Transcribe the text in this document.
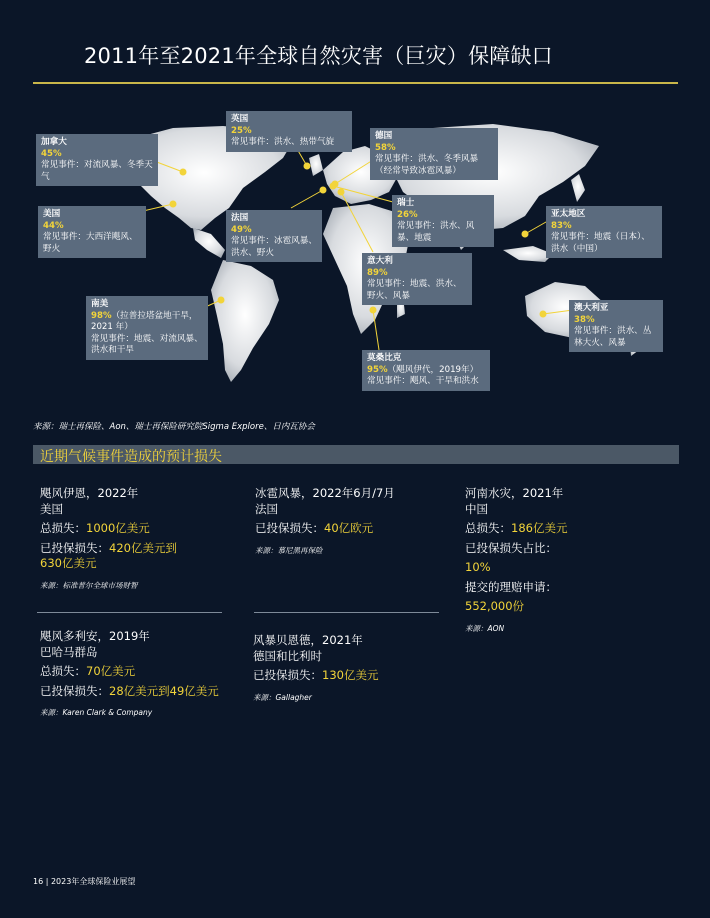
2011年至2021年全球自然灾害（巨灾）保障缺口
加拿大
45%
常见事件：对流风暴、冬季天气
英国
25%
常见事件：洪水、热带气旋
德国
58%
常见事件：洪水、冬季风暴（经常导致冰雹风暴）
美国
44%
常见事件：大西洋飓风、野火
法国
49%
常见事件：冰雹风暴、洪水、野火
瑞士
26%
常见事件：洪水、风暴、地震
亚太地区
83%
常见事件：地震（日本）、洪水（中国）
意大利
89%
常见事件：地震、洪水、野火、风暴
南美
98%（拉普拉塔盆地干旱，2021 年）
常见事件：地震、对流风暴、洪水和干旱
澳大利亚
38%
常见事件：洪水、丛林大火、风暴
莫桑比克
95%（飓风伊代，2019年）
常见事件：飓风、干旱和洪水
来源：瑞士再保险、Aon、瑞士再保险研究院Sigma Explore、日内瓦协会
近期气候事件造成的预计损失
飓风伊恩，2022年
美国
总损失：1000亿美元
已投保损失：420亿美元到
630亿美元
来源：标准普尔全球市场财智
冰雹风暴，2022年6月/7月
法国
已投保损失：40亿欧元
来源：慕尼黑再保险
河南水灾，2021年
中国
总损失：186亿美元
已投保损失占比：
10%
提交的理赔申请：
552,000份
来源：AON
飓风多利安，2019年
巴哈马群岛
总损失：70亿美元
已投保损失：28亿美元到49亿美元
来源：Karen Clark & Company
风暴贝恩德，2021年
德国和比利时
已投保损失：130亿美元
来源：Gallagher
16 | 2023年全球保险业展望
